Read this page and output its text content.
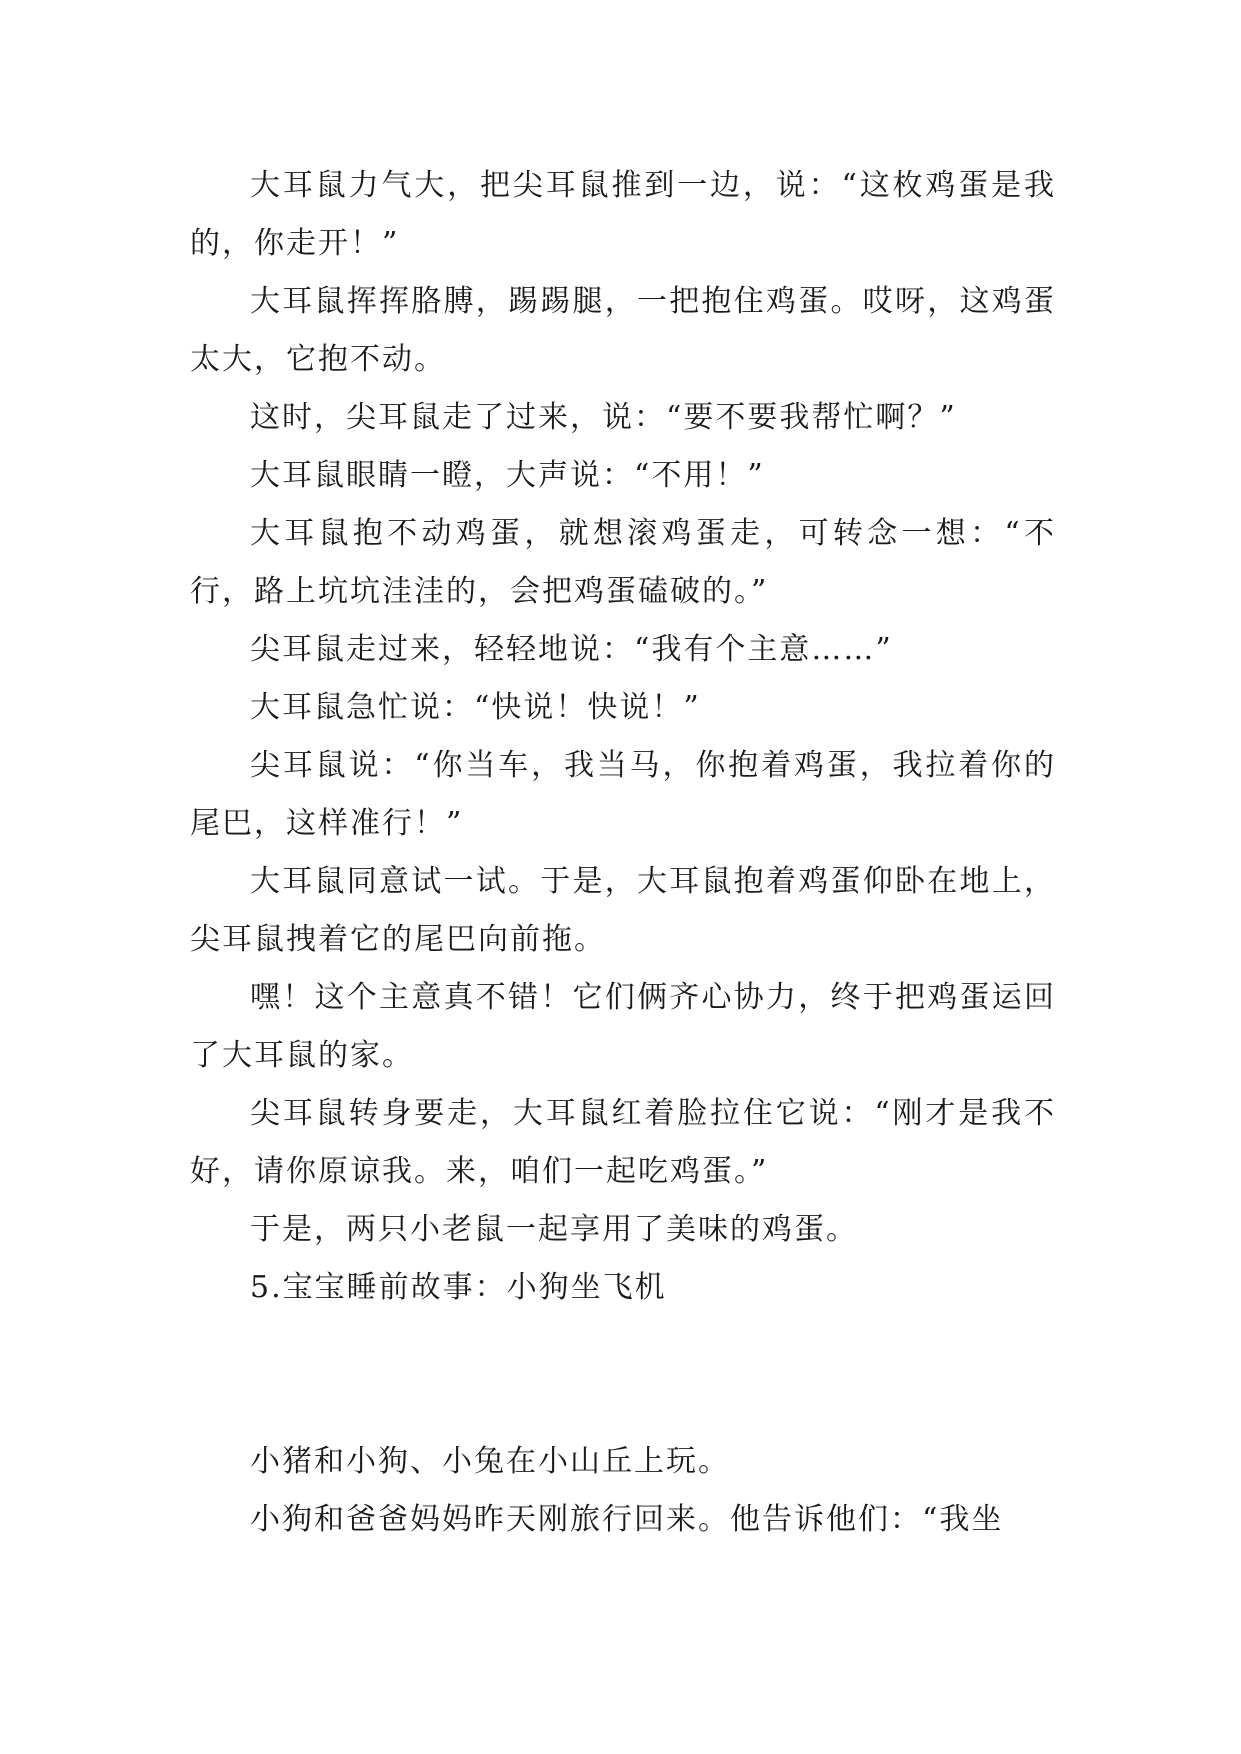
大耳鼠力气大，把尖耳鼠推到一边，说：“这枚鸡蛋是我的，你走开！”

大耳鼠挥挥胳膊，踢踢腿，一把抱住鸡蛋。哎呀，这鸡蛋太大，它抱不动。

这时，尖耳鼠走了过来，说：“要不要我帮忙啊？”

大耳鼠眼睛一瞪，大声说：“不用！”

大耳鼠抱不动鸡蛋，就想滚鸡蛋走，可转念一想：“不行，路上坑坑洼洼的，会把鸡蛋磕破的。”

尖耳鼠走过来，轻轻地说：“我有个主意……”

大耳鼠急忙说：“快说！快说！”

尖耳鼠说：“你当车，我当马，你抱着鸡蛋，我拉着你的尾巴，这样准行！”

大耳鼠同意试一试。于是，大耳鼠抱着鸡蛋仰卧在地上，尖耳鼠拽着它的尾巴向前拖。

嘿！这个主意真不错！它们俩齐心协力，终于把鸡蛋运回了大耳鼠的家。

尖耳鼠转身要走，大耳鼠红着脸拉住它说：“刚才是我不好，请你原谅我。来，咱们一起吃鸡蛋。”

于是，两只小老鼠一起享用了美味的鸡蛋。

5.宝宝睡前故事：小狗坐飞机

小猪和小狗、小兔在小山丘上玩。

小狗和爸爸妈妈昨天刚旅行回来。他告诉他们：“我坐
